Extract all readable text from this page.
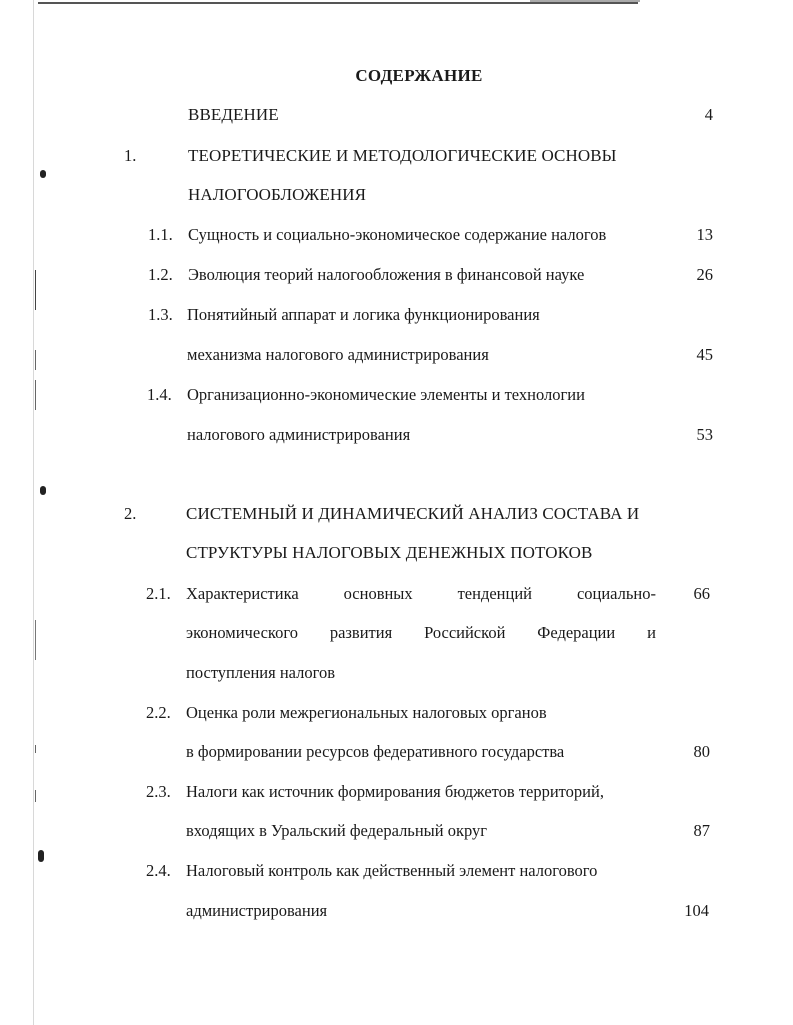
СОДЕРЖАНИЕ
ВВЕДЕНИЕ	4
1.	ТЕОРЕТИЧЕСКИЕ И МЕТОДОЛОГИЧЕСКИЕ ОСНОВЫ
НАЛОГООБЛОЖЕНИЯ
1.1. Сущность и социально-экономическое содержание налогов	13
1.2. Эволюция теорий налогообложения в финансовой науке	26
1.3. Понятийный аппарат и логика функционирования
механизма налогового администрирования	45
1.4. Организационно-экономические элементы и технологии
налогового администрирования	53
2.	СИСТЕМНЫЙ И ДИНАМИЧЕСКИЙ АНАЛИЗ СОСТАВА И
СТРУКТУРЫ НАЛОГОВЫХ ДЕНЕЖНЫХ ПОТОКОВ
2.1. Характеристика	основных	тенденций	социально-	66
экономического развития Российской Федерации и
поступления налогов
2.2. Оценка роли межрегиональных налоговых органов
в формировании ресурсов федеративного государства	80
2.3. Налоги как источник формирования бюджетов территорий,
входящих в Уральский федеральный округ	87
2.4. Налоговый контроль как действенный элемент налогового
администрирования	104
